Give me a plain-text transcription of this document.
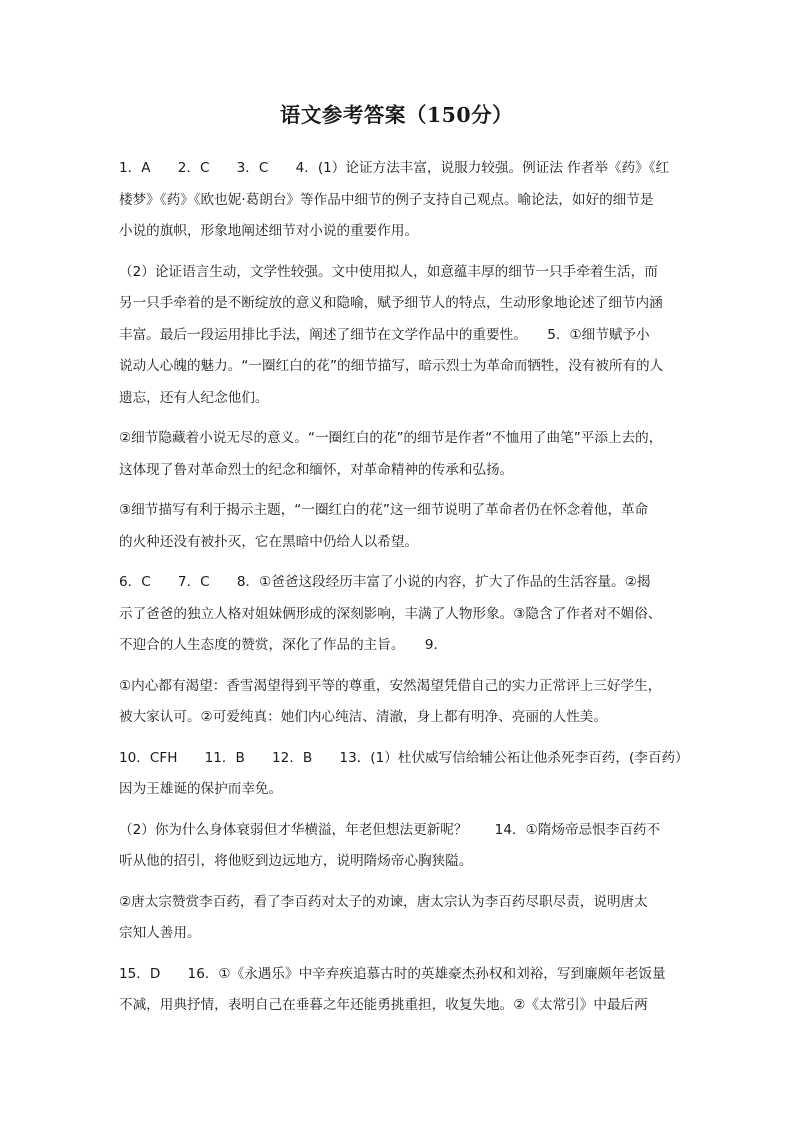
语文参考答案（150分）
1．A　　2．C　　3．C　　4．(1）论证方法丰富，说服力较强。例证法 作者举《药》《红
楼梦》《药》《欧也妮·葛朗台》等作品中细节的例子支持自己观点。喻论法，如好的细节是
小说的旗帜，形象地阐述细节对小说的重要作用。
（2）论证语言生动，文学性较强。文中使用拟人，如意蕴丰厚的细节一只手牵着生活，而
另一只手牵着的是不断绽放的意义和隐喻，赋予细节人的特点，生动形象地论述了细节内涵
丰富。最后一段运用排比手法，阐述了细节在文学作品中的重要性。　　5．①细节赋予小
说动人心魄的魅力。“一圈红白的花”的细节描写，暗示烈士为革命而牺牲，没有被所有的人
遗忘，还有人纪念他们。
②细节隐藏着小说无尽的意义。“一圈红白的花”的细节是作者“不恤用了曲笔”平添上去的，
这体现了鲁对革命烈士的纪念和缅怀，对革命精神的传承和弘扬。
③细节描写有利于揭示主题，“一圈红白的花”这一细节说明了革命者仍在怀念着他，革命
的火种还没有被扑灭，它在黑暗中仍给人以希望。
6．C　　7．C　　8．①爸爸这段经历丰富了小说的内容，扩大了作品的生活容量。②揭
示了爸爸的独立人格对姐妹俩形成的深刻影响，丰满了人物形象。③隐含了作者对不媚俗、
不迎合的人生态度的赞赏，深化了作品的主旨。　　9．
①内心都有渴望：香雪渴望得到平等的尊重，安然渴望凭借自己的实力正常评上三好学生，
被大家认可。②可爱纯真：她们内心纯洁、清澈，身上都有明净、亮丽的人性美。
10．CFH　　11．B　　12．B　　13．(1）杜伏威写信给辅公祏让他杀死李百药，(李百药）
因为王雄诞的保护而幸免。
（2）你为什么身体衰弱但才华横溢，年老但想法更新呢？　　14．①隋炀帝忌恨李百药不
听从他的招引，将他贬到边远地方，说明隋炀帝心胸狭隘。
②唐太宗赞赏李百药，看了李百药对太子的劝谏，唐太宗认为李百药尽职尽责，说明唐太
宗知人善用。
15．D　　16．①《永遇乐》中辛弃疾追慕古时的英雄豪杰孙权和刘裕，写到廉颇年老饭量
不减，用典抒情，表明自己在垂暮之年还能勇挑重担，收复失地。②《太常引》中最后两
